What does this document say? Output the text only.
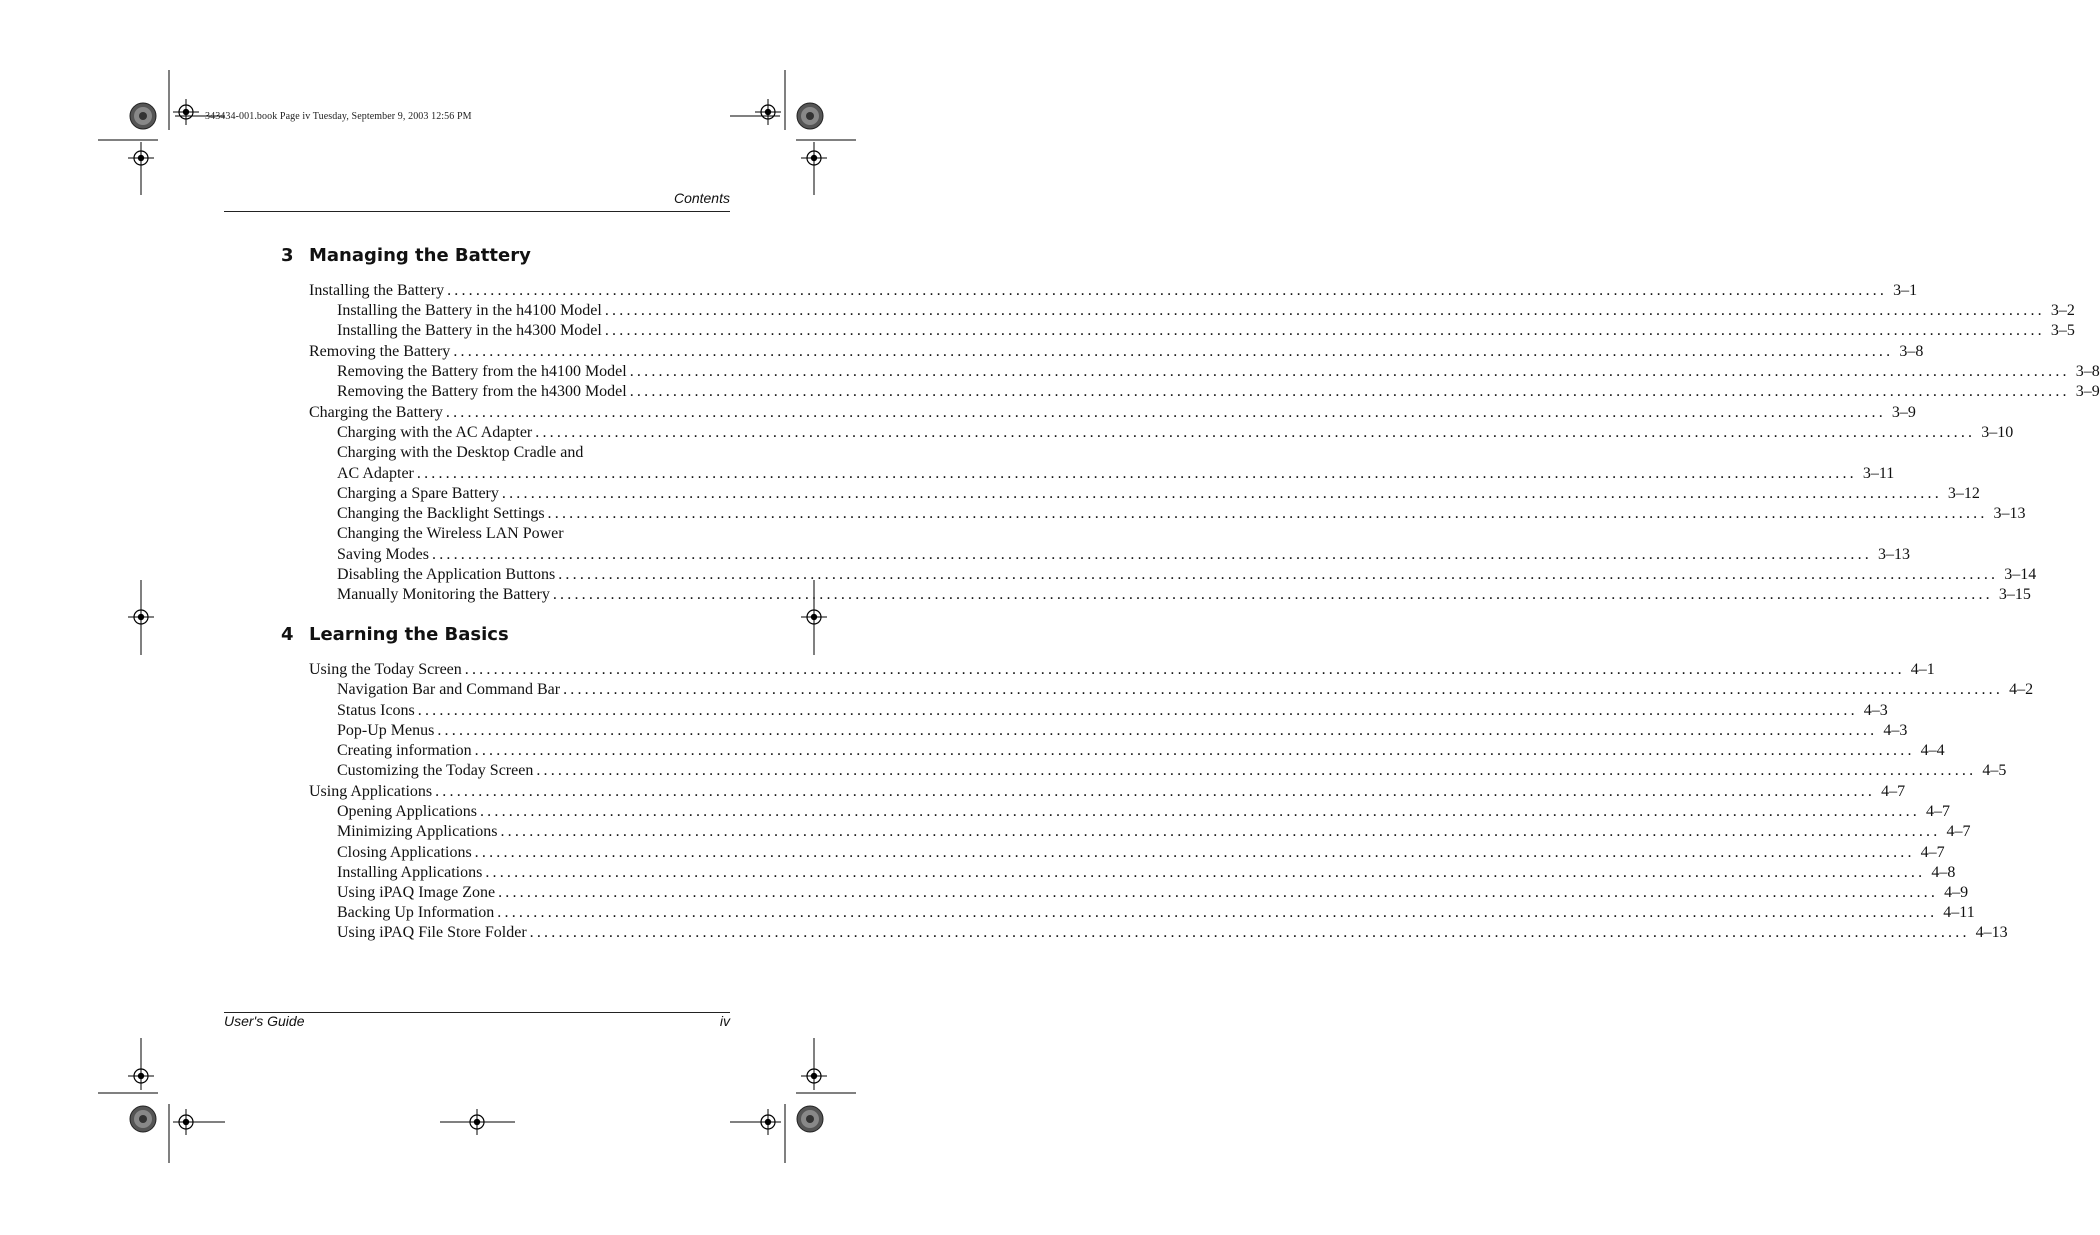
343434-001.book Page iv Tuesday, September 9, 2003 12:56 PM
Contents
3 Managing the Battery
Installing the Battery ........................................................................................................................................................................................................ 3–1
Installing the Battery in the h4100 Model ........................................................................................................................................................................................................ 3–2
Installing the Battery in the h4300 Model ........................................................................................................................................................................................................ 3–5
Removing the Battery ........................................................................................................................................................................................................ 3–8
Removing the Battery from the h4100 Model ........................................................................................................................................................................................................ 3–8
Removing the Battery from the h4300 Model ........................................................................................................................................................................................................ 3–9
Charging the Battery ........................................................................................................................................................................................................ 3–9
Charging with the AC Adapter ........................................................................................................................................................................................................ 3–10
Charging with the Desktop Cradle and
AC Adapter ........................................................................................................................................................................................................ 3–11
Charging a Spare Battery ........................................................................................................................................................................................................ 3–12
Changing the Backlight Settings ........................................................................................................................................................................................................ 3–13
Changing the Wireless LAN Power
Saving Modes ........................................................................................................................................................................................................ 3–13
Disabling the Application Buttons ........................................................................................................................................................................................................ 3–14
Manually Monitoring the Battery ........................................................................................................................................................................................................ 3–15
4 Learning the Basics
Using the Today Screen ........................................................................................................................................................................................................ 4–1
Navigation Bar and Command Bar ........................................................................................................................................................................................................ 4–2
Status Icons ........................................................................................................................................................................................................ 4–3
Pop-Up Menus ........................................................................................................................................................................................................ 4–3
Creating information ........................................................................................................................................................................................................ 4–4
Customizing the Today Screen ........................................................................................................................................................................................................ 4–5
Using Applications ........................................................................................................................................................................................................ 4–7
Opening Applications ........................................................................................................................................................................................................ 4–7
Minimizing Applications ........................................................................................................................................................................................................ 4–7
Closing Applications ........................................................................................................................................................................................................ 4–7
Installing Applications ........................................................................................................................................................................................................ 4–8
Using iPAQ Image Zone ........................................................................................................................................................................................................ 4–9
Backing Up Information ........................................................................................................................................................................................................ 4–11
Using iPAQ File Store Folder ........................................................................................................................................................................................................ 4–13
User's Guide	iv
